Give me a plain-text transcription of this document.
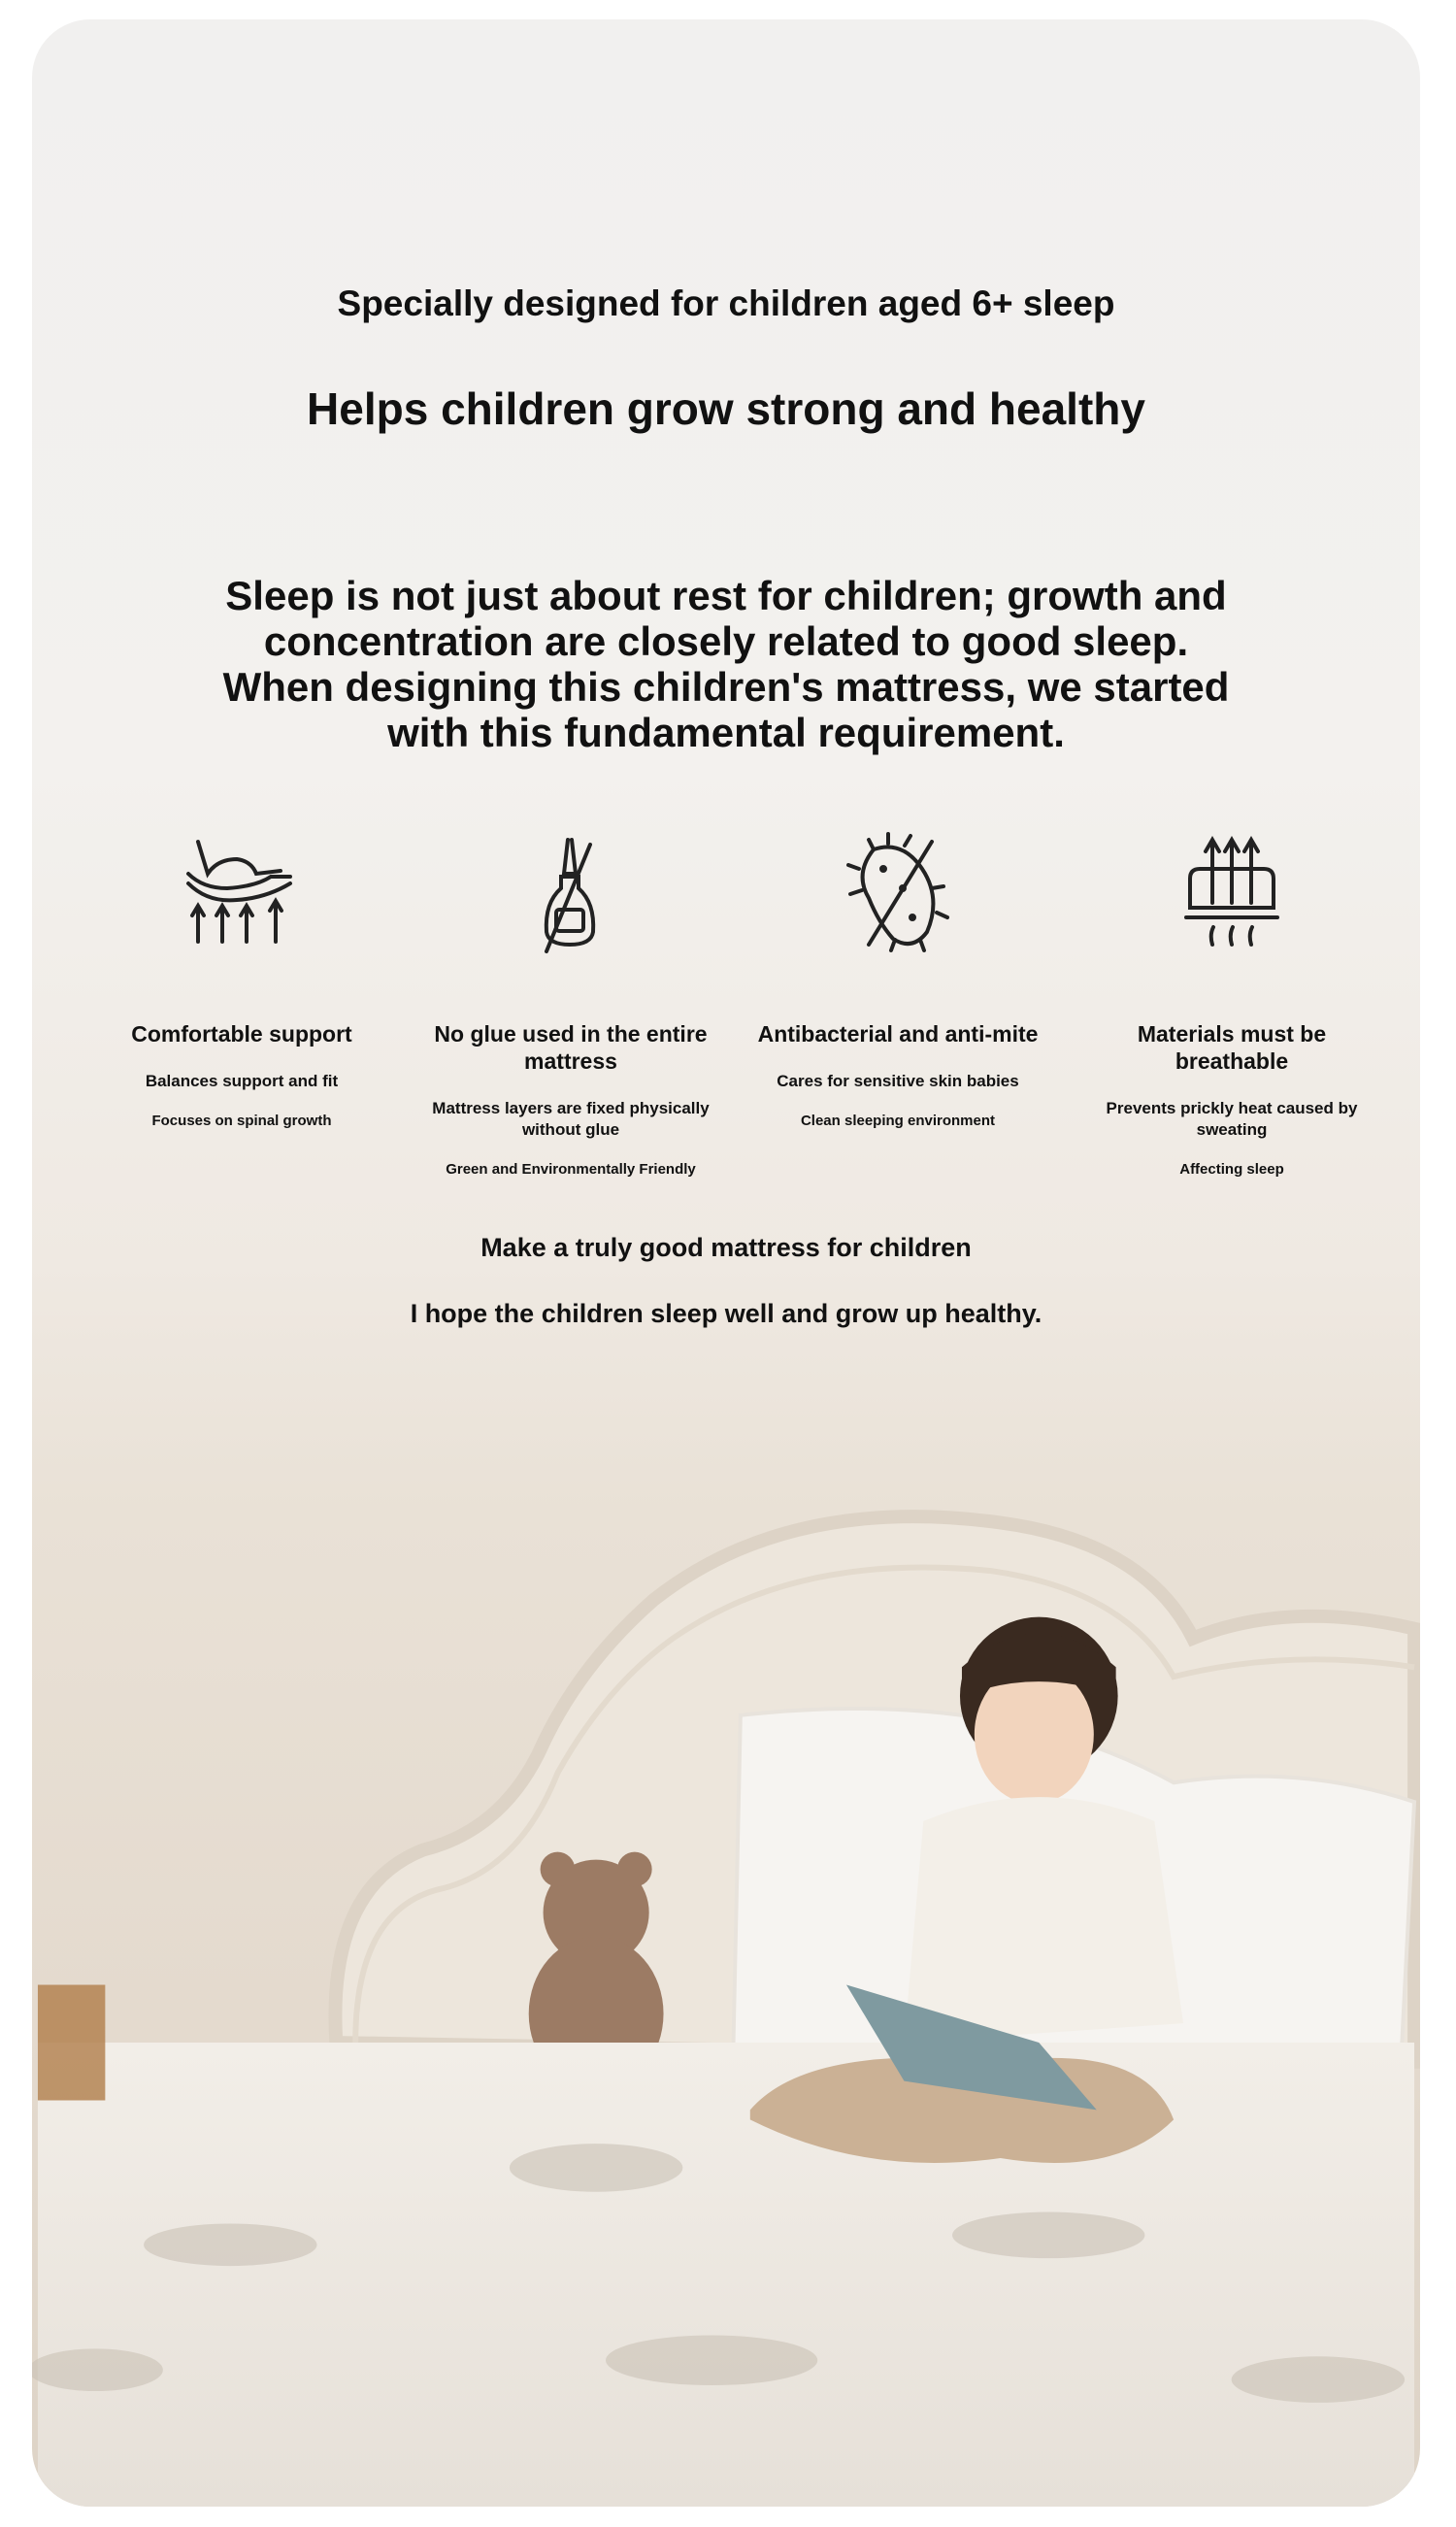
Specially designed for children aged 6+ sleep
Helps children grow strong and healthy
Sleep is not just about rest for children; growth and concentration are closely related to good sleep. When designing this children's mattress, we started with this fundamental requirement.
Comfortable support
Balances support and fit
Focuses on spinal growth
No glue used in the entire mattress
Mattress layers are fixed physically without glue
Green and Environmentally Friendly
Antibacterial and anti-mite
Cares for sensitive skin babies
Clean sleeping environment
Materials must be breathable
Prevents prickly heat caused by sweating
Affecting sleep
Make a truly good mattress for children
I hope the children sleep well and grow up healthy.
